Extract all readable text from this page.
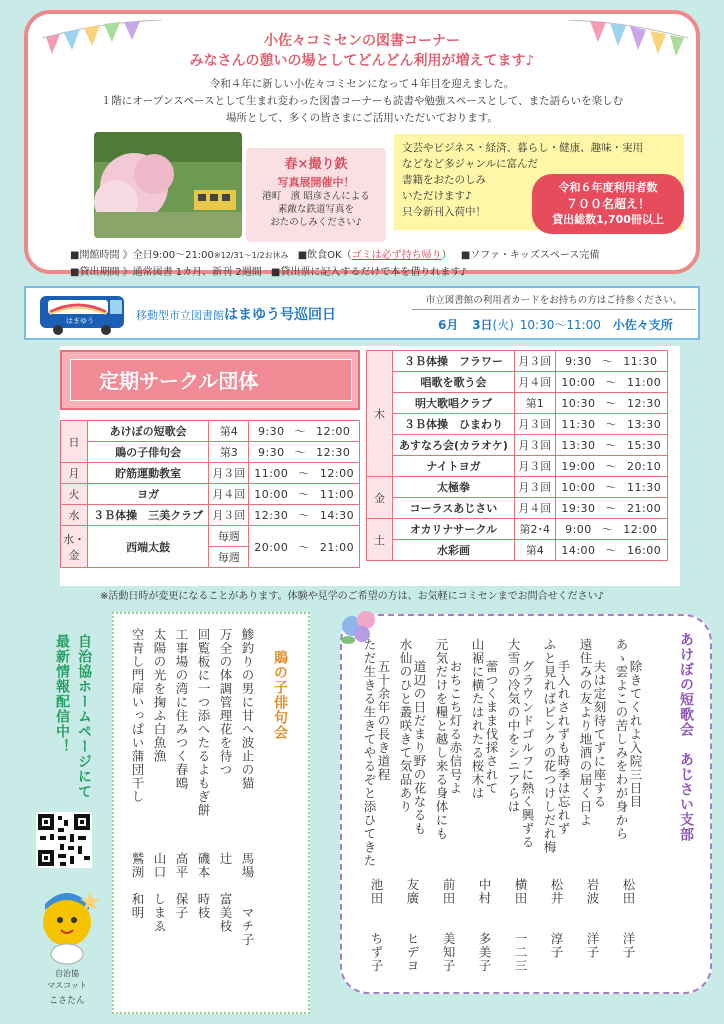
小佐々コミセンの図書コーナー
みなさんの憩いの場としてどんどん利用が増えてます♪
令和４年に新しい小佐々コミセンになって４年目を迎えました。
１階にオープンスペースとして生まれ変わった図書コーナーも読書や勉強スペースとして、また語らいを楽しむ
場所として、多くの皆さまにご活用いただいております。
春×撮り鉄
写真展開催中！
港町　濱 昭彦さんによる
素敵な鉄道写真を
おたのしみください♪
文芸やビジネス・経済、暮らし・健康、趣味・実用
などなど多ジャンルに富んだ
書籍をおたのしみ
いただけます♪
只今新刊入荷中！
令和６年度利用者数
７００名超え！
貸出総数1,700冊以上
■開館時間 》全日9:00～21:00※12/31～1/2お休み ■飲食OK（ゴミは必ず持ち帰り） ■ソファ・キッズスペース完備
■貸出期間 》通常図書 1カ月、新刊 2週間 ■貸出票に記入するだけで本を借りれます♪
はまゆう	移動型市立図書館はまゆう号巡回日
市立図書館の利用者カードをお持ちの方はご持参ください。
6月 3日(火) 10:30～11:00 小佐々支所
定期サークル団体
日	あけぼの短歌会	第4	9:30 ～ 12:00
	鵙の子俳句会	第3	9:30 ～ 12:30
月	貯筋運動教室	月３回	11:00 ～ 12:00
火	ヨガ	月４回	10:00 ～ 11:00
水	３Ｂ体操　三美クラブ	月３回	12:30 ～ 14:30
水・金	西端太鼓	毎週	20:00 ～ 21:00
		毎週	
木	３Ｂ体操　フラワー	月３回	9:30 ～ 11:30
	唱歌を歌う会	月４回	10:00 ～ 11:00
	明大歌唱クラブ	第1	10:30 ～ 12:30
	３Ｂ体操　ひまわり	月３回	11:30 ～ 13:30
	あすなろ会(カラオケ)	月３回	13:30 ～ 15:30
	ナイトヨガ	月３回	19:00 ～ 20:10
金	太極拳	月３回	10:00 ～ 11:30
	コーラスあじさい	月４回	19:30 ～ 21:00
土	オカリナサークル	第2･4	9:00 ～ 12:00
	水彩画	第4	14:00 ～ 16:00
※活動日時が変更になることがあります。体験や見学のご希望の方は、お気軽にコミセンまでお問合せください♪
自治協ホームページにて
最新情報配信中！
自治協
マスコット
こさたん
鵙の子俳句会
鯵釣りの男に甘へ波止の猫
馬場　　マチ子
万全の体調管理花を待つ
辻　　富美枝
回覧板に一つ添へたるよもぎ餅
磯本　時枝
工事場の湾に住みつく春鴎
高平　保子
太陽の光を掬ふ白魚漁
山口　しまゑ
空青し門扉いっぱい蒲団干し
鷲渕　和明
あけぼの短歌会　あじさい支部
あゝ雲よこの苦しみをわが身から 除きてくれよ入院三日目
松田　　洋子
遠住みの友より地酒の届く日よ 夫は定刻待てずに座する
岩波　　洋子
ふと見ればピンクの花つけしだれ梅 手入れされずも時季は忘れず
松井　　淳子
大雪の冷気の中をシニアらは グラウンドゴルフに熱く興ずる
横田　　一二三
山裾に横たはれたる桜木は 蕾つくまま伐採されて
中村　　多美子
元気だけを糧と越し来る身体にも おちこち灯る赤信号よ
前田　　美知子
水仙のひと叢咲きて気品あり 道辺の日だまり野の花なるも
友廣　　ヒデヨ
ただ生きる生きてやるぞと添ひてきた 五十余年の長き道程
池田　　ちず子
